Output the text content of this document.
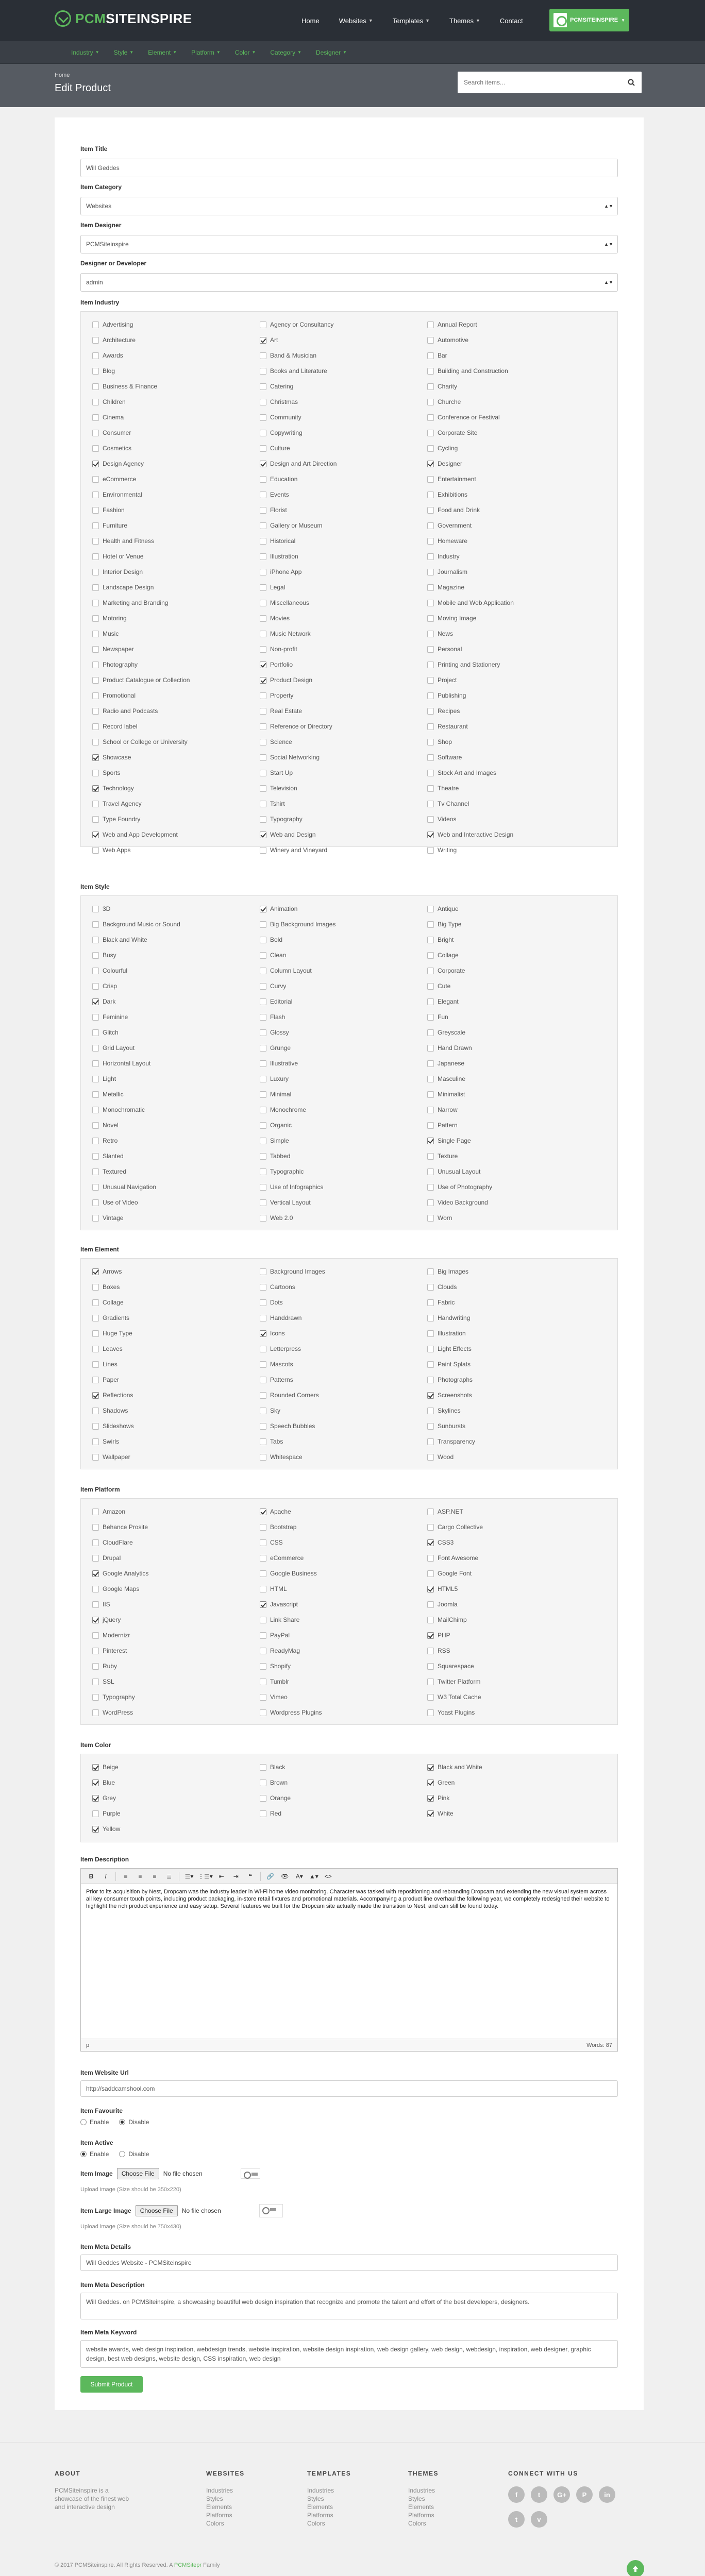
PCMSITEINSPIRE	Home	Websites ▼	Templates ▼	Themes ▼	Contact	PCMSITEINSPIRE ▼
Industry ▼ Style ▼ Element ▼ Platform ▼ Color ▼ Category ▼ Designer ▼
Home
Edit Product
Search items...
Item Title
Will Geddes
Item Category
Websites	▲▼
Item Designer
PCMSiteinspire	▲▼
Designer or Developer
admin	▲▼
Item Industry
Advertising	Agency or Consultancy	Annual Report
Architecture	Art	Automotive
Awards	Band & Musician	Bar
Blog	Books and Literature	Building and Construction
Business & Finance	Catering	Charity
Children	Christmas	Churche
Cinema	Community	Conference or Festival
Consumer	Copywriting	Corporate Site
Cosmetics	Culture	Cycling
Design Agency	Design and Art Direction	Designer
eCommerce	Education	Entertainment
Environmental	Events	Exhibitions
Fashion	Florist	Food and Drink
Furniture	Gallery or Museum	Government
Health and Fitness	Historical	Homeware
Hotel or Venue	Illustration	Industry
Interior Design	iPhone App	Journalism
Landscape Design	Legal	Magazine
Marketing and Branding	Miscellaneous	Mobile and Web Application
Motoring	Movies	Moving Image
Music	Music Network	News
Newspaper	Non-profit	Personal
Photography	Portfolio	Printing and Stationery
Product Catalogue or Collection	Product Design	Project
Promotional	Property	Publishing
Radio and Podcasts	Real Estate	Recipes
Record label	Reference or Directory	Restaurant
School or College or University	Science	Shop
Showcase	Social Networking	Software
Sports	Start Up	Stock Art and Images
Technology	Television	Theatre
Travel Agency	Tshirt	Tv Channel
Type Foundry	Typography	Videos
Web and App Development	Web and Design	Web and Interactive Design
Web Apps	Winery and Vineyard	Writing
Item Style
3D	Animation	Antique
Background Music or Sound	Big Background Images	Big Type
Black and White	Bold	Bright
Busy	Clean	Collage
Colourful	Column Layout	Corporate
Crisp	Curvy	Cute
Dark	Editorial	Elegant
Feminine	Flash	Fun
Glitch	Glossy	Greyscale
Grid Layout	Grunge	Hand Drawn
Horizontal Layout	Illustrative	Japanese
Light	Luxury	Masculine
Metallic	Minimal	Minimalist
Monochromatic	Monochrome	Narrow
Novel	Organic	Pattern
Retro	Simple	Single Page
Slanted	Tabbed	Texture
Textured	Typographic	Unusual Layout
Unusual Navigation	Use of Infographics	Use of Photography
Use of Video	Vertical Layout	Video Background
Vintage	Web 2.0	Worn
Item Element
Arrows	Background Images	Big Images
Boxes	Cartoons	Clouds
Collage	Dots	Fabric
Gradients	Handdrawn	Handwriting
Huge Type	Icons	Illustration
Leaves	Letterpress	Light Effects
Lines	Mascots	Paint Splats
Paper	Patterns	Photographs
Reflections	Rounded Corners	Screenshots
Shadows	Sky	Skylines
Slideshows	Speech Bubbles	Sunbursts
Swirls	Tabs	Transparency
Wallpaper	Whitespace	Wood
Item Platform
Amazon	Apache	ASP.NET
Behance Prosite	Bootstrap	Cargo Collective
CloudFlare	CSS	CSS3
Drupal	eCommerce	Font Awesome
Google Analytics	Google Business	Google Font
Google Maps	HTML	HTML5
IIS	Javascript	Joomla
jQuery	Link Share	MailChimp
Modernizr	PayPal	PHP
Pinterest	ReadyMag	RSS
Ruby	Shopify	Squarespace
SSL	Tumblr	Twitter Platform
Typography	Vimeo	W3 Total Cache
WordPress	Wordpress Plugins	Yoast Plugins
Item Color
Beige	Black	Black and White
Blue	Brown	Green
Grey	Orange	Pink
Purple	Red	White
Yellow
Item Description
B I	≡	≡	≡	≣	☰▾ ⋮☰▾ ⇤	⇥	❝	🔗	👁	A▾	▲▾	<>
Prior to its acquisition by Nest, Dropcam was the industry leader in Wi-Fi home video monitoring. Character was tasked with repositioning and rebranding Dropcam and extending the new visual system across all key consumer touch points, including product packaging, in-store retail fixtures and promotional materials. Accompanying a product line overhaul the following year, we completely redesigned their website to highlight the rich product experience and easy setup. Several features we built for the Dropcam site actually made the transition to Nest, and can still be found today.
p	Words: 87
Item Website Url
http://saddcamshool.com
Item Favourite
Enable	Disable
Item Active
Enable	Disable
Item Image	Choose File	No file chosen
Upload image (Size should be 350x220)
Item Large Image	Choose File	No file chosen
Upload image (Size should be 750x430)
Item Meta Details
Will Geddes Website - PCMSiteinspire
Item Meta Description
Will Geddes. on PCMSiteinspire, a showcasing beautiful web design inspiration that recognize and promote the talent and effort of the best developers, designers.
Item Meta Keyword
website awards, web design inspiration, webdesign trends, website inspiration, website design inspiration, web design gallery, web design, webdesign, inspiration, web designer, graphic design, best web designs, website design, CSS inspiration, web design
Submit Product
ABOUT
PCMSiteinspire is a showcase of the finest web and interactive design
WEBSITES
Industries
Styles
Elements
Platforms
Colors
TEMPLATES
Industries
Styles
Elements
Platforms
Colors
THEMES
Industries
Styles
Elements
Platforms
Colors
CONNECT WITH US
f	t	G+	P	in
t	v
© 2017 PCMSiteinspire. All Rights Reserved. A PCMSitepr Family
